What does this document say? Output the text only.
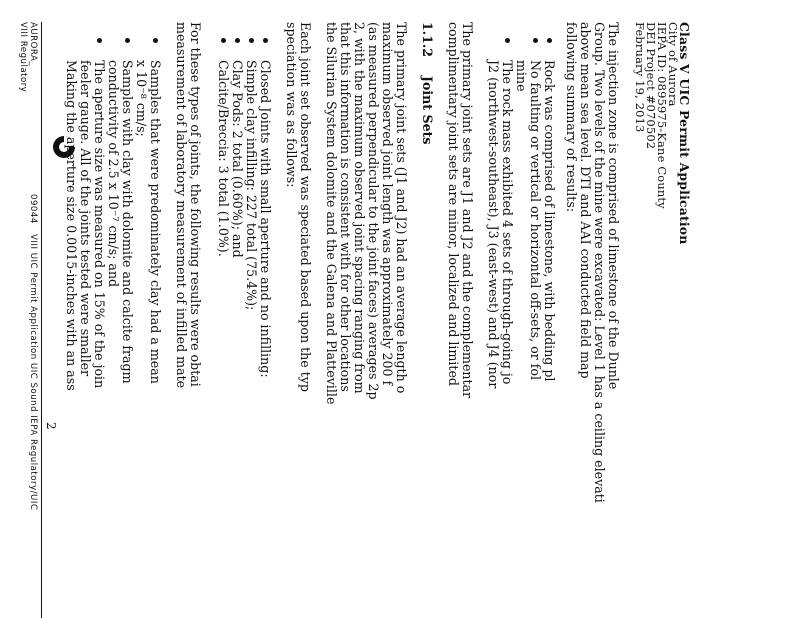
Class V UIC Permit Application
City of Aurora
IEPA ID: 0895975-Kane County
DEI Project #070502
February 19, 2013
The injection zone is comprised of limestone of the Dunle
Group. Two levels of the mine were excavated: Level 1 has a ceiling elevati
above mean sea level. DTI and AAI conducted field map
following summary of results:
Rock was comprised of limestone, with bedding pl
No faulting or vertical or horizontal off-sets, or fol
mine
The rock mass exhibited 4 sets of through-going jo
J2 (northwest-southeast), J3 (east-west) and J4 (nor
The primary joint sets are J1 and J2 and the complementar
complimentary joint sets are minor, localized and limited
1.1.2
Joint Sets
The primary joint sets (J1 and J2) had an average length o
maximum observed joint length was approximately 200 f
(as measured perpendicular to the joint faces) averages 2p
2, with the maximum observed joint spacing ranging from
that this information is consistent with for other locations
the Silurian System dolomite and the Galena and Platteville
Each joint set observed was speciated based upon the typ
speciation was as follows:
Closed Joints with small aperture and no infilling:
Simple clay infilling: 227 total (75.4%);
Clay Pods: 2 total (0.60%); and
Calcite/Breccia: 3 total (1.0%).
For these types of joints, the following results were obtai
measurement of laboratory measurement of infilled mate
Samples that were predominately clay had a mean
x 10⁻⁸ cm/s;
Samples with clay with dolomite and calcite fragm
conductivity of 2.5 x 10⁻⁷ cm/s; and
The aperture size was measured on 15% of the join
feeler gauge. All of the joints tested were smaller
Making the aperture size 0.0015-inches with an ass
2
AURORA_
VIII Regulatory
09044
VIII UIC Permit Application UIC Sound IEPA Regulatory/UIC
